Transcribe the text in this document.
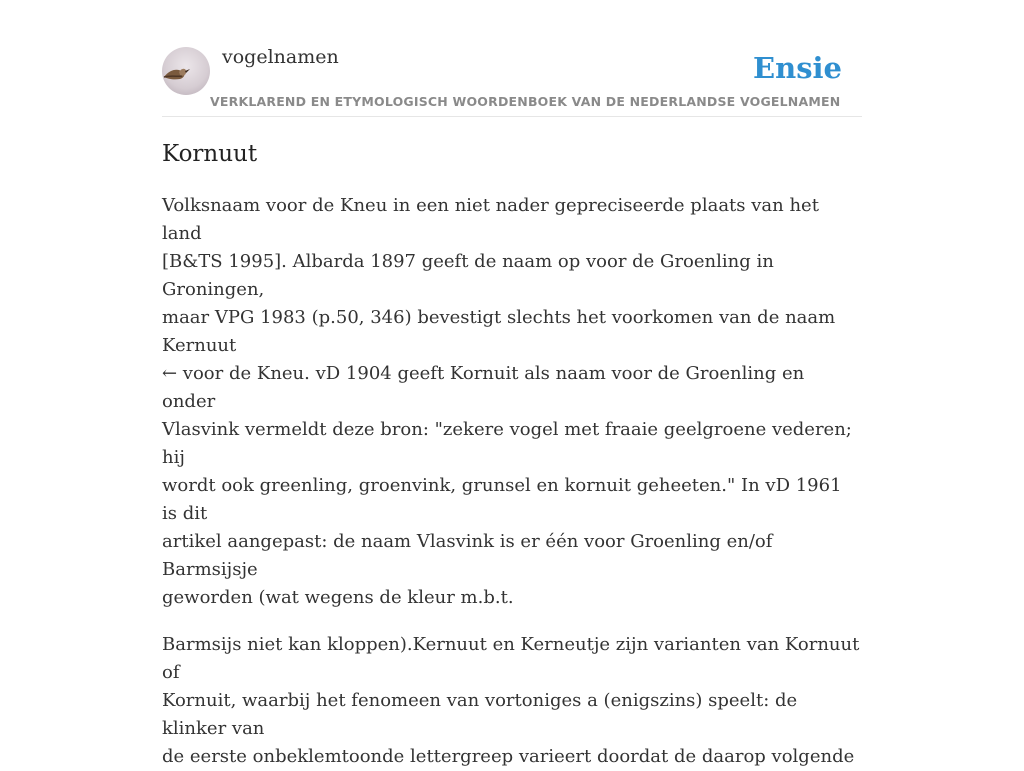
vogelnamen	Ensie
VERKLAREND EN ETYMOLOGISCH WOORDENBOEK VAN DE NEDERLANDSE VOGELNAMEN
Kornuut

Volksnaam voor de Kneu in een niet nader gepreciseerde plaats van het land
[B&TS 1995]. Albarda 1897 geeft de naam op voor de Groenling in Groningen,
maar VPG 1983 (p.50, 346) bevestigt slechts het voorkomen van de naam Kernuut
← voor de Kneu. vD 1904 geeft Kornuit als naam voor de Groenling en onder
Vlasvink vermeldt deze bron: "zekere vogel met fraaie geelgroene vederen; hij
wordt ook greenling, groenvink, grunsel en kornuit geheeten." In vD 1961 is dit
artikel aangepast: de naam Vlasvink is er één voor Groenling en/of Barmsijsje
geworden (wat wegens de kleur m.b.t.

Barmsijs niet kan kloppen).Kernuut en Kerneutje zijn varianten van Kornuut of
Kornuit, waarbij het fenomeen van vortoniges a (enigszins) speelt: de klinker van
de eerste onbeklemtoonde lettergreep varieert doordat de daarop volgende
